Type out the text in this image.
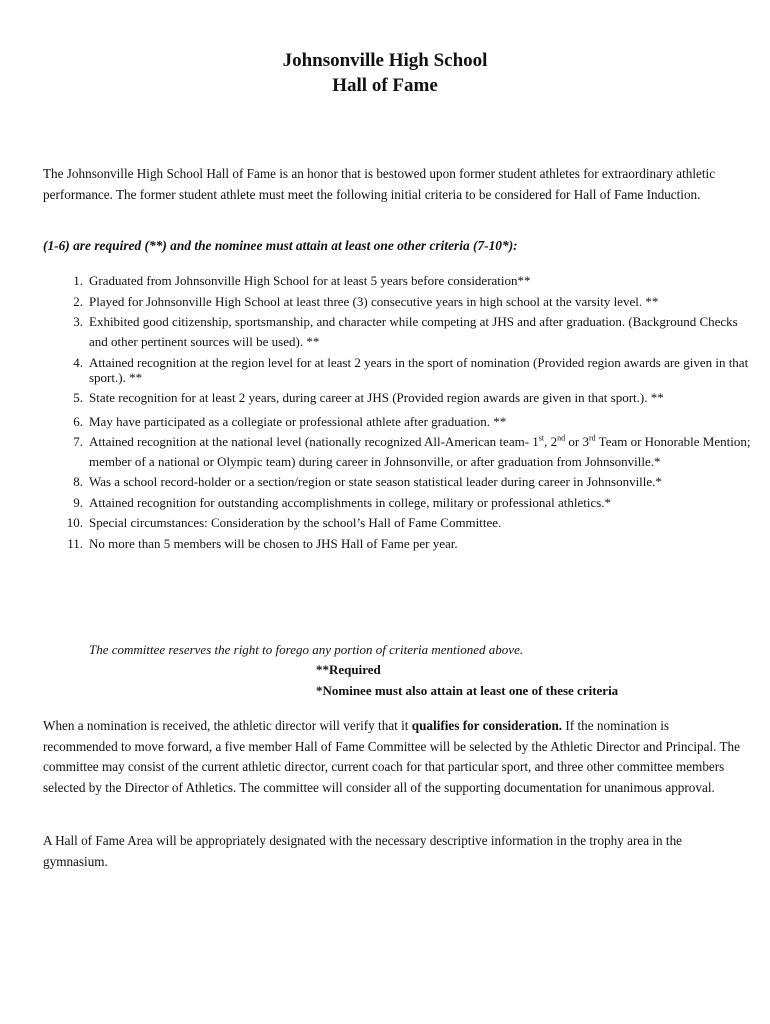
Johnsonville High School
Hall of Fame
The Johnsonville High School Hall of Fame is an honor that is bestowed upon former student athletes for extraordinary athletic performance. The former student athlete must meet the following initial criteria to be considered for Hall of Fame Induction.
(1-6) are required (**) and the nominee must attain at least one other criteria (7-10*):
1. Graduated from Johnsonville High School for at least 5 years before consideration**
2. Played for Johnsonville High School at least three (3) consecutive years in high school at the varsity level. **
3. Exhibited good citizenship, sportsmanship, and character while competing at JHS and after graduation. (Background Checks and other pertinent sources will be used). **
4. Attained recognition at the region level for at least 2 years in the sport of nomination (Provided region awards are given in that sport.). **
5. State recognition for at least 2 years, during career at JHS (Provided region awards are given in that sport.). **
6. May have participated as a collegiate or professional athlete after graduation. **
7. Attained recognition at the national level (nationally recognized All-American team- 1st, 2nd or 3rd Team or Honorable Mention; member of a national or Olympic team) during career in Johnsonville, or after graduation from Johnsonville.*
8. Was a school record-holder or a section/region or state season statistical leader during career in Johnsonville.*
9. Attained recognition for outstanding accomplishments in college, military or professional athletics.*
10. Special circumstances: Consideration by the school’s Hall of Fame Committee.
11. No more than 5 members will be chosen to JHS Hall of Fame per year.
The committee reserves the right to forego any portion of criteria mentioned above.
**Required
*Nominee must also attain at least one of these criteria
When a nomination is received, the athletic director will verify that it qualifies for consideration. If the nomination is recommended to move forward, a five member Hall of Fame Committee will be selected by the Athletic Director and Principal. The committee may consist of the current athletic director, current coach for that particular sport, and three other committee members selected by the Director of Athletics. The committee will consider all of the supporting documentation for unanimous approval.
A Hall of Fame Area will be appropriately designated with the necessary descriptive information in the trophy area in the gymnasium.
